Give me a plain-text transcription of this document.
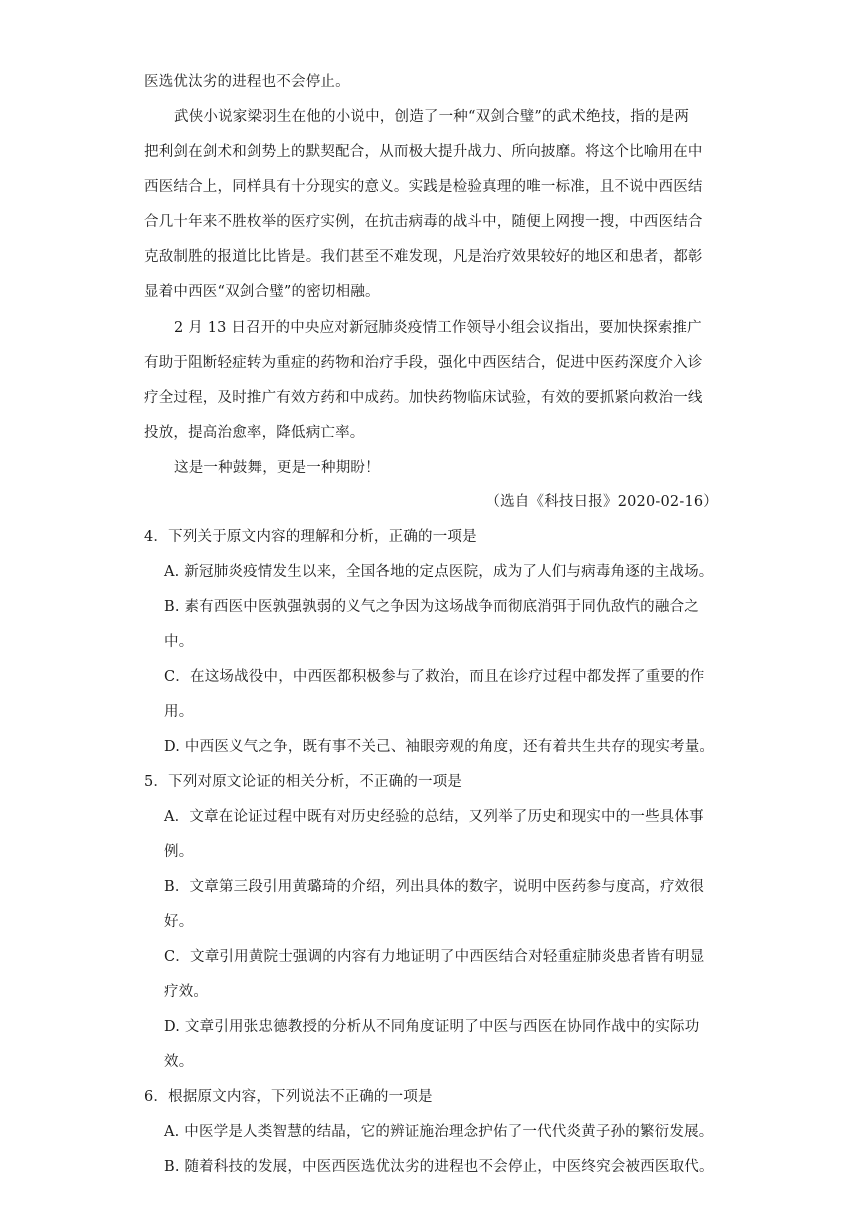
医选优汰劣的进程也不会停止。
武侠小说家梁羽生在他的小说中，创造了一种“双剑合璧”的武术绝技，指的是两
把利剑在剑术和剑势上的默契配合，从而极大提升战力、所向披靡。将这个比喻用在中
西医结合上，同样具有十分现实的意义。实践是检验真理的唯一标准，且不说中西医结
合几十年来不胜枚举的医疗实例，在抗击病毒的战斗中，随便上网搜一搜，中西医结合
克敌制胜的报道比比皆是。我们甚至不难发现，凡是治疗效果较好的地区和患者，都彰
显着中西医“双剑合璧”的密切相融。
2 月 13 日召开的中央应对新冠肺炎疫情工作领导小组会议指出，要加快探索推广
有助于阻断轻症转为重症的药物和治疗手段，强化中西医结合，促进中医药深度介入诊
疗全过程，及时推广有效方药和中成药。加快药物临床试验，有效的要抓紧向救治一线
投放，提高治愈率，降低病亡率。
这是一种鼓舞，更是一种期盼！
（选自《科技日报》2020-02-16）
4．下列关于原文内容的理解和分析，正确的一项是
A. 新冠肺炎疫情发生以来，全国各地的定点医院，成为了人们与病毒角逐的主战场。
B. 素有西医中医孰强孰弱的义气之争因为这场战争而彻底消弭于同仇敌忾的融合之
中。
C．在这场战役中，中西医都积极参与了救治，而且在诊疗过程中都发挥了重要的作
用。
D. 中西医义气之争，既有事不关己、袖眼旁观的角度，还有着共生共存的现实考量。
5．下列对原文论证的相关分析，不正确的一项是
A．文章在论证过程中既有对历史经验的总结，又列举了历史和现实中的一些具体事
例。
B．文章第三段引用黄璐琦的介绍，列出具体的数字，说明中医药参与度高，疗效很
好。
C．文章引用黄院士强调的内容有力地证明了中西医结合对轻重症肺炎患者皆有明显
疗效。
D. 文章引用张忠德教授的分析从不同角度证明了中医与西医在协同作战中的实际功
效。
6．根据原文内容，下列说法不正确的一项是
A. 中医学是人类智慧的结晶，它的辨证施治理念护佑了一代代炎黄子孙的繁衍发展。
B. 随着科技的发展，中医西医选优汰劣的进程也不会停止，中医终究会被西医取代。
